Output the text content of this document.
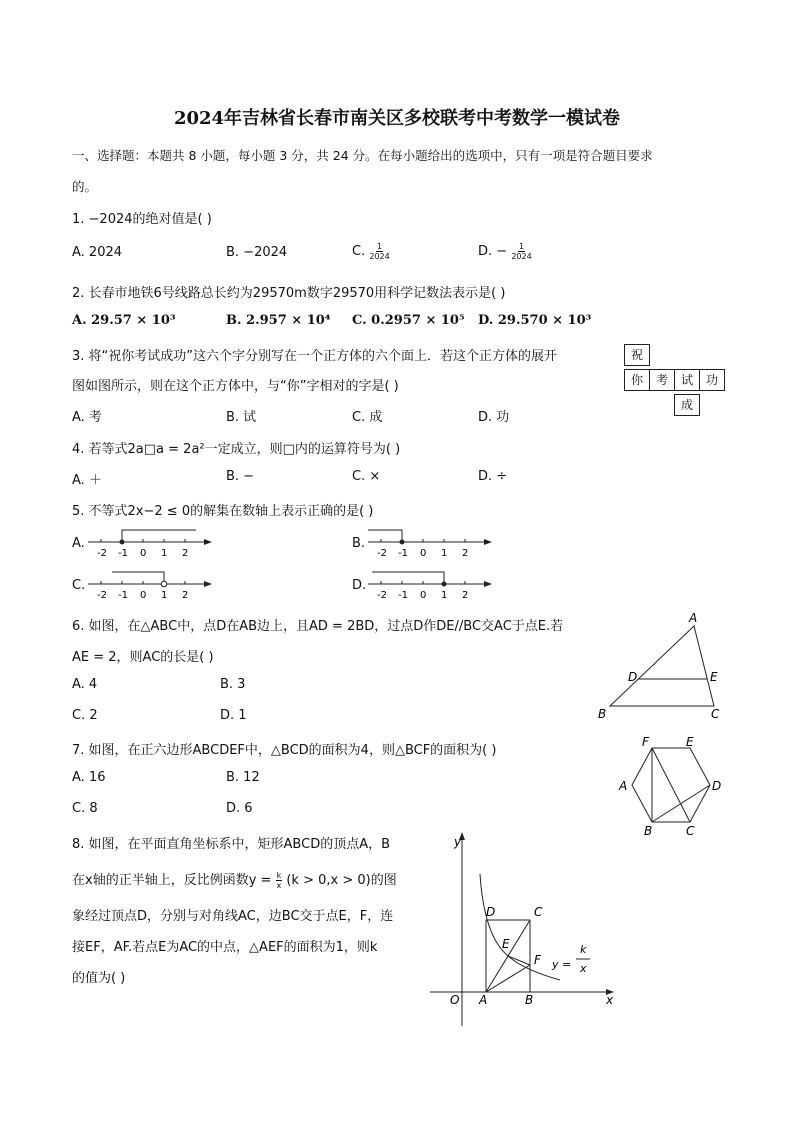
2024年吉林省长春市南关区多校联考中考数学一模试卷
一、选择题：本题共 8 小题，每小题 3 分，共 24 分。在每小题给出的选项中，只有一项是符合题目要求
的。
1. −2024的绝对值是( )
A. 2024	B. −2024	C. $\frac{1}{2024}$	D. − $\frac{1}{2024}$
2. 长春市地铁6号线路总长约为29570m数字29570用科学记数法表示是( )
A. 29.57 × 10³	B. 2.957 × 10⁴ C. 0.2957 × 10⁵ D. 29.570 × 10³
3. 将“祝你考试成功”这六个字分别写在一个正方体的六个面上．若这个正方体的展开
图如图所示，则在这个正方体中，与“你”字相对的字是( )
A. 考	B. 试	C. 成	D. 功
祝
你	考	试	功
成
4. 若等式2a□a = 2a²一定成立，则□内的运算符号为( )
A. ＋	B. −	C. ×	D. ÷
5. 不等式2x−2 ≤ 0的解集在数轴上表示正确的是( )
A.	B.
C.	D.
-2 -1 0 1 2	-2 -1 0 1 2
-2 -1 0 1 2	-2 -1 0 1 2
6. 如图，在△ABC中，点D在AB边上，且AD = 2BD，过点D作DE//BC交AC于点E.若
AE = 2，则AC的长是( )
A. 4	B. 3
C. 2	D. 1
A
B	C
D	E
7. 如图，在正六边形ABCDEF中，△BCD的面积为4，则△BCF的面积为( )
A. 16	B. 12
C. 8	D. 6
F	E
A	D
B	C
8. 如图，在平面直角坐标系中，矩形ABCD的顶点A，B
在x轴的正半轴上，反比例函数$y = \frac{k}{x} (k > 0,x > 0)$的图
象经过顶点D，分别与对角线AC，边BC交于点E，F，连
接EF，AF.若点E为AC的中点，△AEF的面积为1，则k
的值为( )
y
x
O A	B
C
D
E
F y =
k
x
